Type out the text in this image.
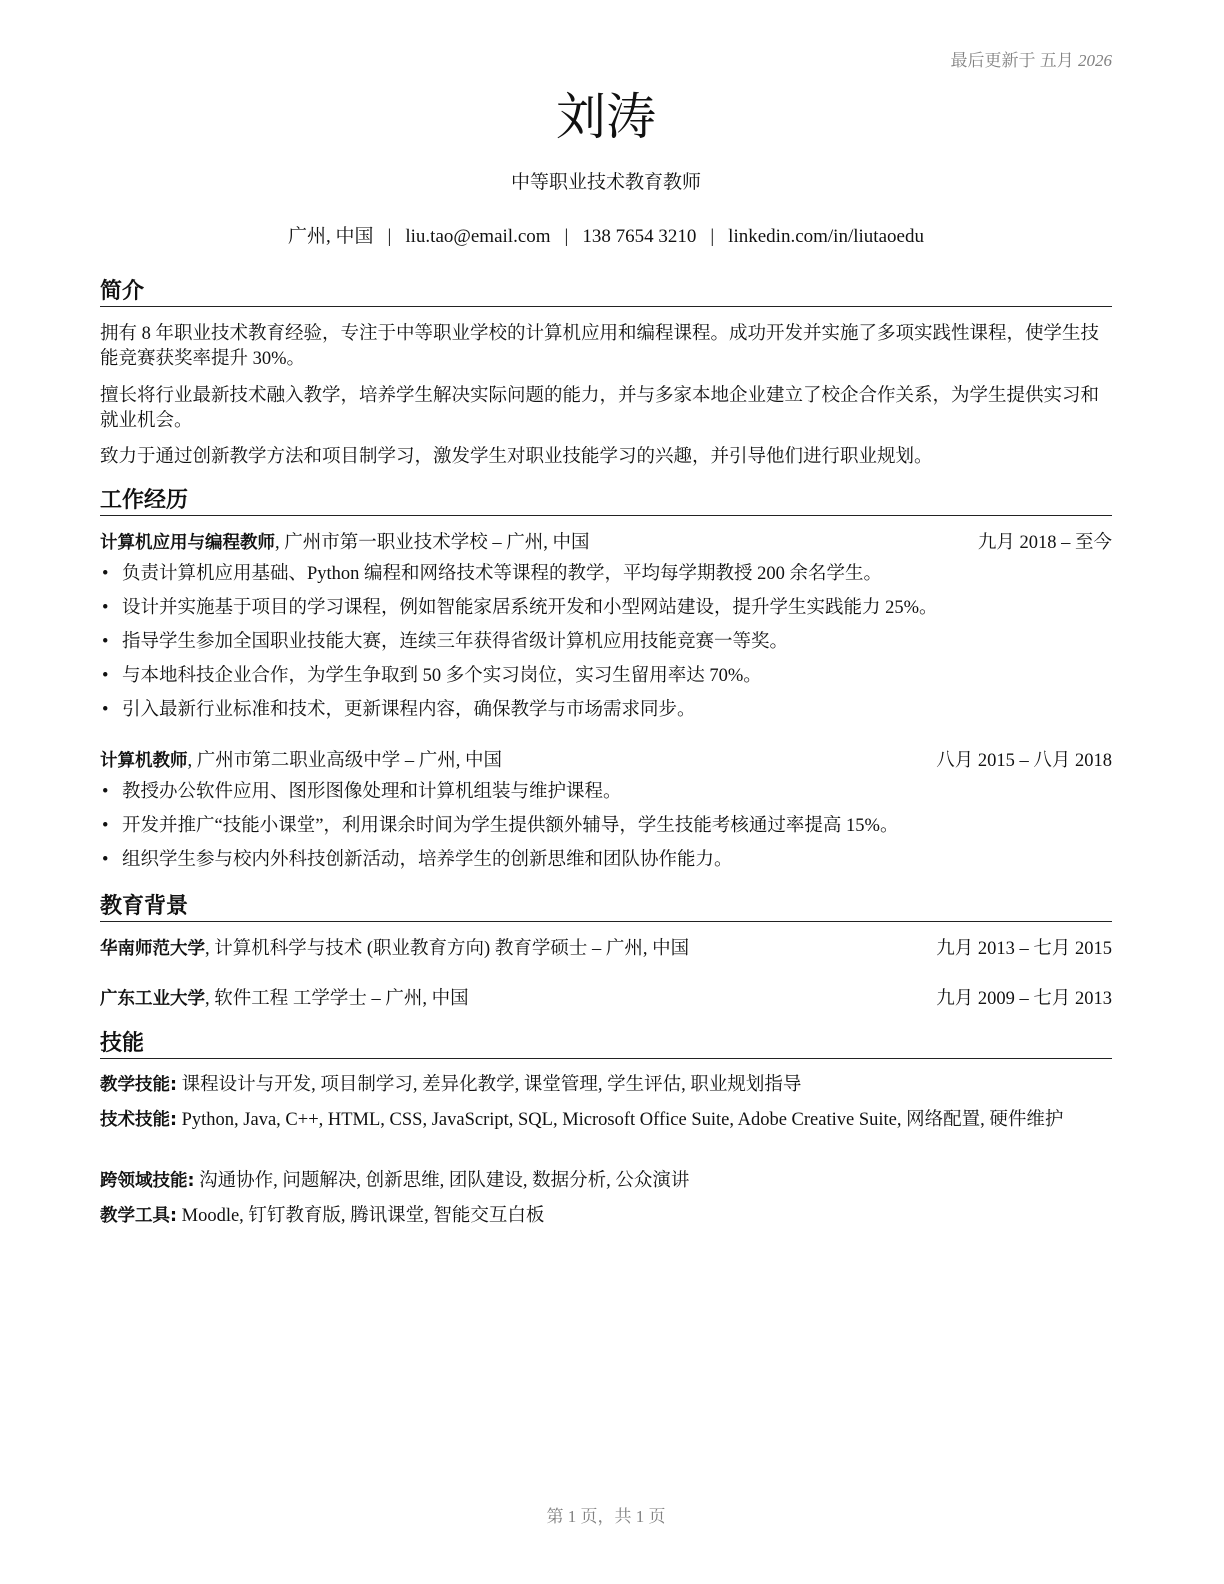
最后更新于 五月 2026
刘涛
中等职业技术教育教师
广州, 中国 | liu.tao@email.com | 138 7654 3210 | linkedin.com/in/liutaoedu
简介
拥有 8 年职业技术教育经验，专注于中等职业学校的计算机应用和编程课程。成功开发并实施了多项实践性课程，使学生技能竞赛获奖率提升 30%。
擅长将行业最新技术融入教学，培养学生解决实际问题的能力，并与多家本地企业建立了校企合作关系，为学生提供实习和就业机会。
致力于通过创新教学方法和项目制学习，激发学生对职业技能学习的兴趣，并引导他们进行职业规划。
工作经历
计算机应用与编程教师, 广州市第一职业技术学校 – 广州, 中国	九月 2018 – 至今
• 负责计算机应用基础、Python 编程和网络技术等课程的教学，平均每学期教授 200 余名学生。
• 设计并实施基于项目的学习课程，例如智能家居系统开发和小型网站建设，提升学生实践能力 25%。
• 指导学生参加全国职业技能大赛，连续三年获得省级计算机应用技能竞赛一等奖。
• 与本地科技企业合作，为学生争取到 50 多个实习岗位，实习生留用率达 70%。
• 引入最新行业标准和技术，更新课程内容，确保教学与市场需求同步。
计算机教师, 广州市第二职业高级中学 – 广州, 中国	八月 2015 – 八月 2018
• 教授办公软件应用、图形图像处理和计算机组装与维护课程。
• 开发并推广“技能小课堂”，利用课余时间为学生提供额外辅导，学生技能考核通过率提高 15%。
• 组织学生参与校内外科技创新活动，培养学生的创新思维和团队协作能力。
教育背景
华南师范大学, 计算机科学与技术 (职业教育方向) 教育学硕士 – 广州, 中国	九月 2013 – 七月 2015
广东工业大学, 软件工程 工学学士 – 广州, 中国	九月 2009 – 七月 2013
技能
教学技能: 课程设计与开发, 项目制学习, 差异化教学, 课堂管理, 学生评估, 职业规划指导
技术技能: Python, Java, C++, HTML, CSS, JavaScript, SQL, Microsoft Office Suite, Adobe Creative Suite, 网络配置, 硬件维护
跨领域技能: 沟通协作, 问题解决, 创新思维, 团队建设, 数据分析, 公众演讲
教学工具: Moodle, 钉钉教育版, 腾讯课堂, 智能交互白板
第 1 页，共 1 页
